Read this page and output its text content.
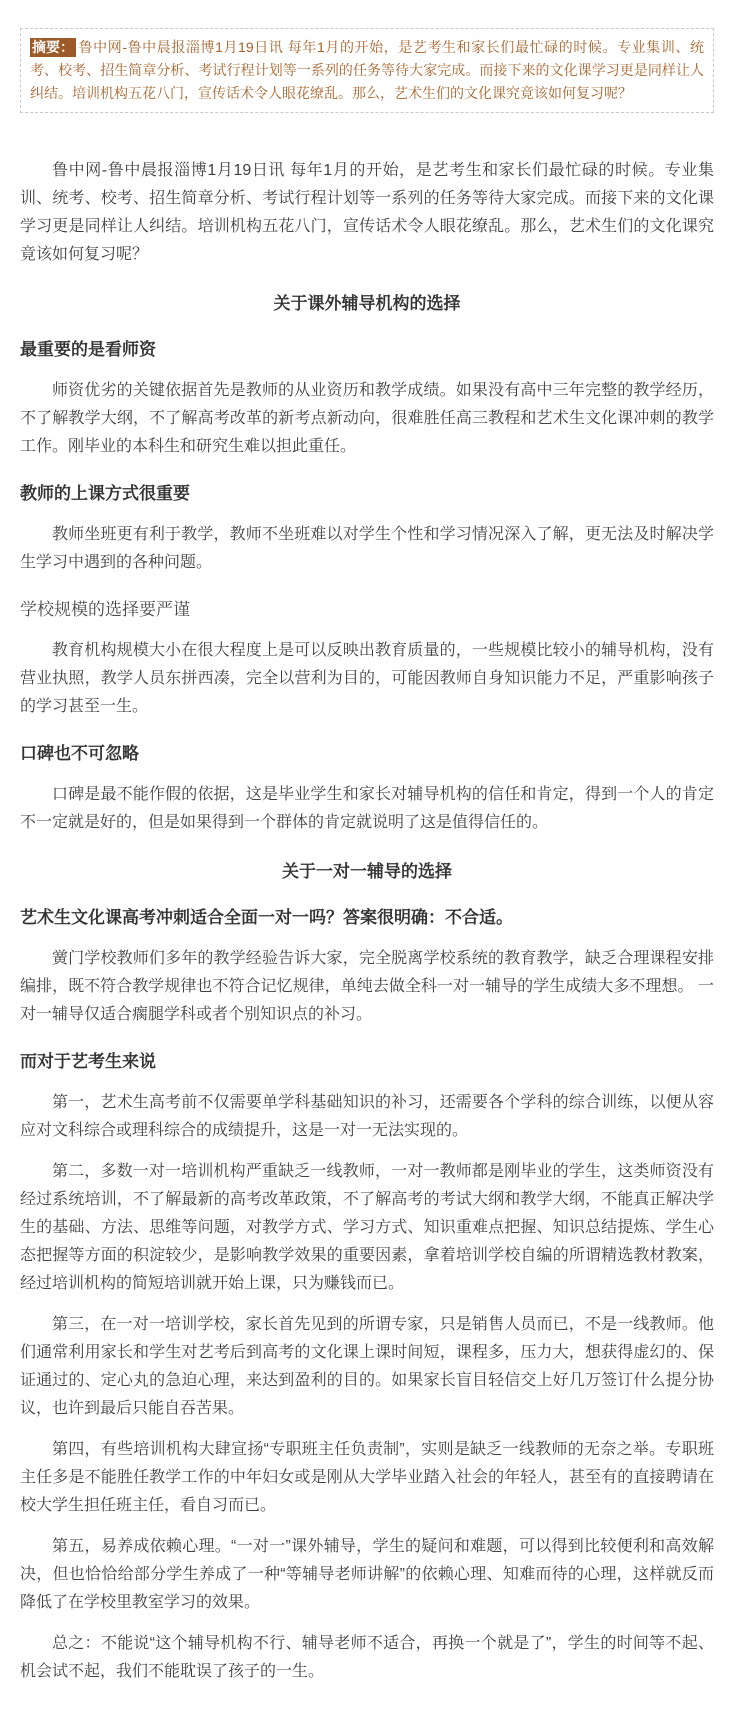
摘要： 鲁中网-鲁中晨报淄博1月19日讯 每年1月的开始，是艺考生和家长们最忙碌的时候。专业集训、统考、校考、招生简章分析、考试行程计划等一系列的任务等待大家完成。而接下来的文化课学习更是同样让人纠结。培训机构五花八门，宣传话术令人眼花缭乱。那么，艺术生们的文化课究竟该如何复习呢？
鲁中网-鲁中晨报淄博1月19日讯 每年1月的开始，是艺考生和家长们最忙碌的时候。专业集训、统考、校考、招生简章分析、考试行程计划等一系列的任务等待大家完成。而接下来的文化课学习更是同样让人纠结。培训机构五花八门，宣传话术令人眼花缭乱。那么，艺术生们的文化课究竟该如何复习呢？
关于课外辅导机构的选择
最重要的是看师资
师资优劣的关键依据首先是教师的从业资历和教学成绩。如果没有高中三年完整的教学经历，不了解教学大纲，不了解高考改革的新考点新动向，很难胜任高三教程和艺术生文化课冲刺的教学工作。刚毕业的本科生和研究生难以担此重任。
教师的上课方式很重要
教师坐班更有利于教学，教师不坐班难以对学生个性和学习情况深入了解，更无法及时解决学生学习中遇到的各种问题。
学校规模的选择要严谨
教育机构规模大小在很大程度上是可以反映出教育质量的，一些规模比较小的辅导机构，没有营业执照，教学人员东拼西凑，完全以营利为目的，可能因教师自身知识能力不足，严重影响孩子的学习甚至一生。
口碑也不可忽略
口碑是最不能作假的依据，这是毕业学生和家长对辅导机构的信任和肯定，得到一个人的肯定不一定就是好的，但是如果得到一个群体的肯定就说明了这是值得信任的。
关于一对一辅导的选择
艺术生文化课高考冲刺适合全面一对一吗？答案很明确：不合适。
黉门学校教师们多年的教学经验告诉大家，完全脱离学校系统的教育教学，缺乏合理课程安排编排，既不符合教学规律也不符合记忆规律，单纯去做全科一对一辅导的学生成绩大多不理想。 一对一辅导仅适合瘸腿学科或者个别知识点的补习。
而对于艺考生来说
第一，艺术生高考前不仅需要单学科基础知识的补习，还需要各个学科的综合训练，以便从容应对文科综合或理科综合的成绩提升，这是一对一无法实现的。
第二，多数一对一培训机构严重缺乏一线教师，一对一教师都是刚毕业的学生，这类师资没有经过系统培训，不了解最新的高考改革政策，不了解高考的考试大纲和教学大纲，不能真正解决学生的基础、方法、思维等问题，对教学方式、学习方式、知识重难点把握、知识总结提炼、学生心态把握等方面的积淀较少，是影响教学效果的重要因素，拿着培训学校自编的所谓精选教材教案，经过培训机构的简短培训就开始上课，只为赚钱而已。
第三，在一对一培训学校，家长首先见到的所谓专家，只是销售人员而已，不是一线教师。他们通常利用家长和学生对艺考后到高考的文化课上课时间短，课程多，压力大，想获得虚幻的、保证通过的、定心丸的急迫心理，来达到盈利的目的。如果家长盲目轻信交上好几万签订什么提分协议，也许到最后只能自吞苦果。
第四，有些培训机构大肆宣扬“专职班主任负责制”，实则是缺乏一线教师的无奈之举。专职班主任多是不能胜任教学工作的中年妇女或是刚从大学毕业踏入社会的年轻人，甚至有的直接聘请在校大学生担任班主任，看自习而已。
第五，易养成依赖心理。“一对一”课外辅导，学生的疑问和难题，可以得到比较便利和高效解决，但也恰恰给部分学生养成了一种“等辅导老师讲解”的依赖心理、知难而待的心理，这样就反而降低了在学校里教室学习的效果。
总之：不能说“这个辅导机构不行、辅导老师不适合，再换一个就是了”，学生的时间等不起、机会试不起，我们不能耽误了孩子的一生。
